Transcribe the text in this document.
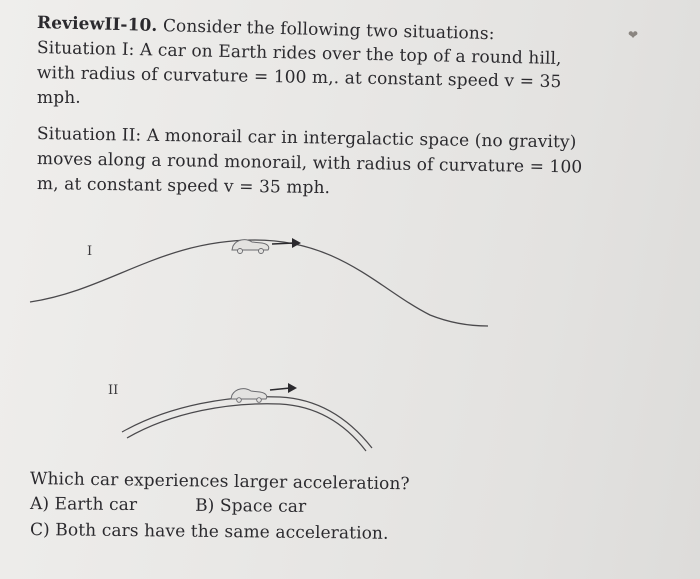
❤
ReviewII-10. Consider the following two situations:
Situation I: A car on Earth rides over the top of a round hill,
with radius of curvature = 100 m,. at constant speed v = 35
mph.
Situation II: A monorail car in intergalactic space (no gravity)
moves along a round monorail, with radius of curvature = 100
m, at constant speed v = 35 mph.
I
II
Which car experiences larger acceleration?
A) Earth car	B) Space car
C) Both cars have the same acceleration.
